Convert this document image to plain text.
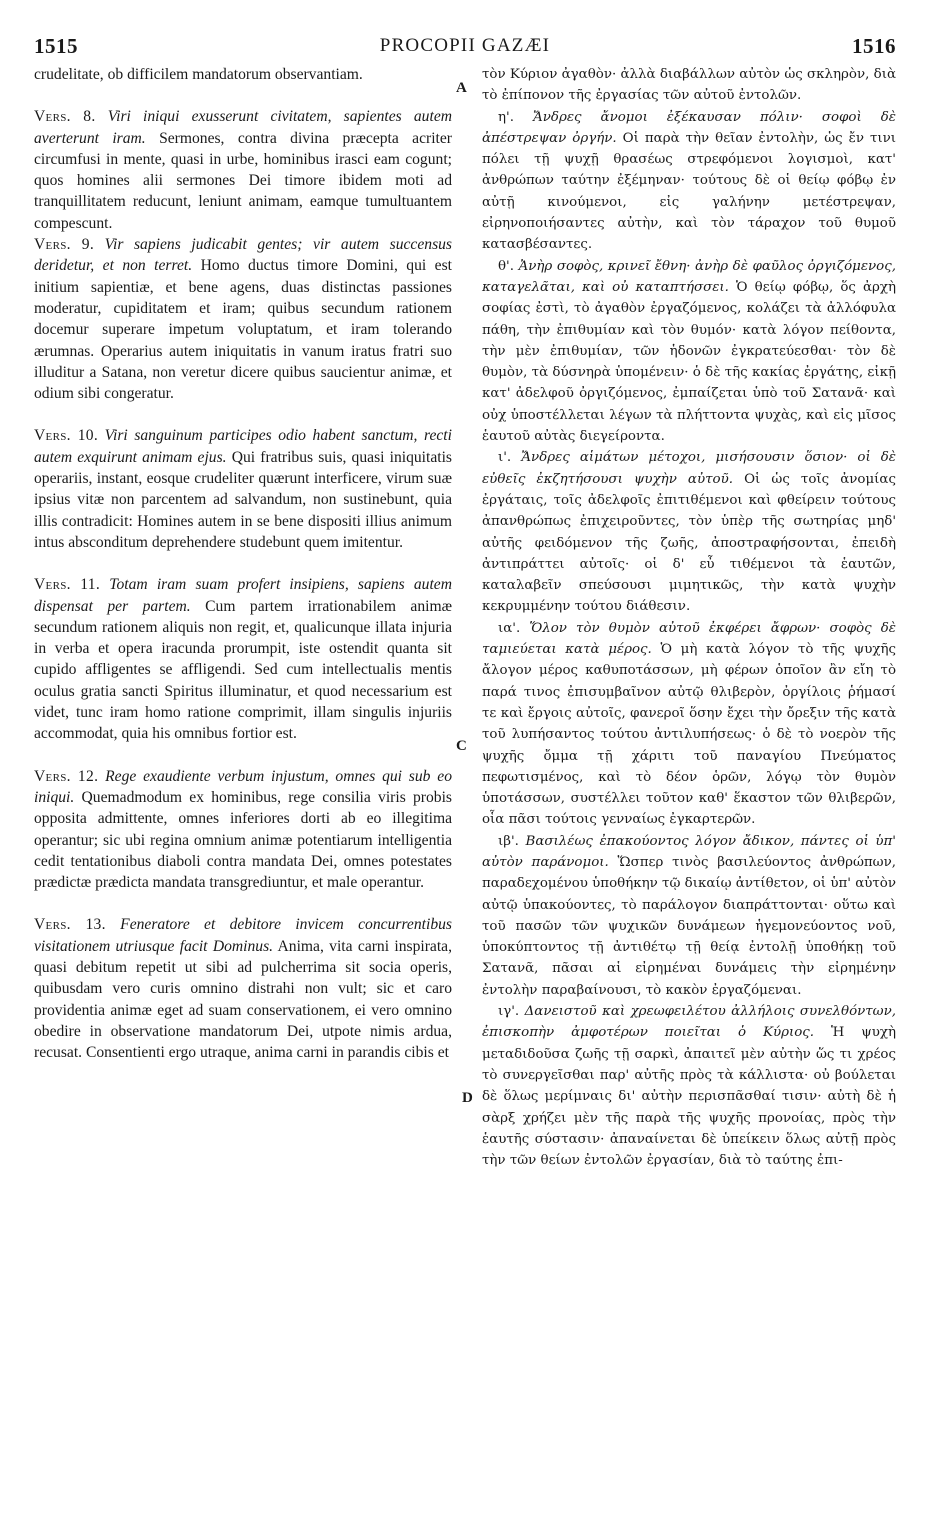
1515	PROCOPII GAZÆI	1516
A
C
D

crudelitate, ob difficilem mandatorum observantiam.

Vers. 8. Viri iniqui exusserunt civitatem, sapientes autem averterunt iram. Sermones, contra divina præcepta acriter circumfusi in mente, quasi in urbe, hominibus irasci eam cogunt; quos homines alii sermones Dei timore ibidem moti ad tranquillitatem reducunt, leniunt animam, eamque tumultuantem compescunt.

Vers. 9. Vir sapiens judicabit gentes; vir autem succensus deridetur, et non terret. Homo ductus timore Domini, qui est initium sapientiæ, et bene agens, duas distinctas passiones moderatur, cupiditatem et iram; quibus secundum rationem docemur superare impetum voluptatum, et iram tolerando ærumnas. Operarius autem iniquitatis in vanum iratus fratri suo illuditur a Satana, non veretur dicere quibus saucientur animæ, et odium sibi congeratur.

Vers. 10. Viri sanguinum participes odio habent sanctum, recti autem exquirunt animam ejus. Qui fratribus suis, quasi iniquitatis operariis, instant, eosque crudeliter quærunt interficere, virum suæ ipsius vitæ non parcentem ad salvandum, non sustinebunt, quia illis contradicit: Homines autem in se bene dispositi illius animum intus absconditum deprehendere studebunt quem imitentur.

Vers. 11. Totam iram suam profert insipiens, sapiens autem dispensat per partem. Cum partem irrationabilem animæ secundum rationem aliquis non regit, et, qualicunque illata injuria in verba et opera iracunda prorumpit, iste ostendit quanta sit cupido affligentes se affligendi. Sed cum intellectualis mentis oculus gratia sancti Spiritus illuminatur, et quod necessarium est videt, tunc iram homo ratione comprimit, illam singulis injuriis accommodat, quia his omnibus fortior est.

Vers. 12. Rege exaudiente verbum injustum, omnes qui sub eo iniqui. Quemadmodum ex hominibus, rege consilia viris probis opposita admittente, omnes inferiores dorti ab eo illegitima operantur; sic ubi regina omnium animæ potentiarum intelligentia cedit tentationibus diaboli contra mandata Dei, omnes potestates prædictæ prædicta mandata transgrediuntur, et male operantur.

Vers. 13. Feneratore et debitore invicem concurrentibus visitationem utriusque facit Dominus. Anima, vita carni inspirata, quasi debitum repetit ut sibi ad pulcherrima sit socia operis, quibusdam vero curis omnino distrahi non vult; sic et caro providentia animæ eget ad suam conservationem, ei vero omnino obedire in observatione mandatorum Dei, utpote nimis ardua, recusat. Consentienti ergo utraque, anima carni in parandis cibis et

τὸν Κύριον ἀγαθὸν· ἀλλὰ διαβάλλων αὐτὸν ὡς σκληρὸν, διὰ τὸ ἐπίπονον τῆς ἐργασίας τῶν αὐτοῦ ἐντολῶν.

η'. Ἄνδρες ἄνομοι ἐξέκαυσαν πόλιν· σοφοὶ δὲ ἀπέστρεψαν ὀργήν. Οἱ παρὰ τὴν θεῖαν ἐντολὴν, ὡς ἔν τινι πόλει τῇ ψυχῇ θρασέως στρεφόμενοι λογισμοὶ, κατ' ἀνθρώπων ταύτην ἐξέμηναν· τούτους δὲ οἱ θείῳ φόβῳ ἐν αὐτῇ κινούμενοι, εἰς γαλήνην μετέστρεψαν, εἰρηνοποιήσαντες αὐτὴν, καὶ τὸν τάραχον τοῦ θυμοῦ κατασβέσαντες.

θ'. Ἀνὴρ σοφὸς, κρινεῖ ἔθνη· ἀνὴρ δὲ φαῦλος ὀργιζόμενος, καταγελᾶται, καὶ οὐ καταπτήσσει. Ὁ θείῳ φόβῳ, ὅς ἀρχὴ σοφίας ἐστὶ, τὸ ἀγαθὸν ἐργαζόμενος, κολάζει τὰ ἀλλόφυλα πάθη, τὴν ἐπιθυμίαν καὶ τὸν θυμόν· κατὰ λόγον πείθοντα, τὴν μὲν ἐπιθυμίαν, τῶν ἡδονῶν ἐγκρατεύεσθαι· τὸν δὲ θυμὸν, τὰ δύσνηρὰ ὑπομένειν· ὁ δὲ τῆς κακίας ἐργάτης, εἰκῇ κατ' ἀδελφοῦ ὀργιζόμενος, ἐμπαίζεται ὑπὸ τοῦ Σατανᾶ· καὶ οὐχ ὑποστέλλεται λέγων τὰ πλήττοντα ψυχὰς, καὶ εἰς μῖσος ἑαυτοῦ αὐτὰς διεγείροντα.

ι'. Ἄνδρες αἱμάτων μέτοχοι, μισήσουσιν ὅσιον· οἱ δὲ εὐθεῖς ἐκζητήσουσι ψυχὴν αὐτοῦ. Οἱ ὡς τοῖς ἀνομίας ἐργάταις, τοῖς ἀδελφοῖς ἐπιτιθέμενοι καὶ φθείρειν τούτους ἀπανθρώπως ἐπιχειροῦντες, τὸν ὑπὲρ τῆς σωτηρίας μηδ' αὐτῆς φειδόμενον τῆς ζωῆς, ἀποστραφήσονται, ἐπειδὴ ἀντιπράττει αὐτοῖς· οἱ δ' εὖ τιθέμενοι τὰ ἑαυτῶν, καταλαβεῖν σπεύσουσι μιμητικῶς, τὴν κατὰ ψυχὴν κεκρυμμένην τούτου διάθεσιν.

ια'. Ὅλον τὸν θυμὸν αὐτοῦ ἐκφέρει ἄφρων· σοφὸς δὲ ταμιεύεται κατὰ μέρος. Ὁ μὴ κατὰ λόγον τὸ τῆς ψυχῆς ἄλογον μέρος καθυποτάσσων, μὴ φέρων ὁποῖον ἂν εἴη τὸ παρά τινος ἐπισυμβαῖνον αὐτῷ θλιβερὸν, ὀργίλοις ῥήμασί τε καὶ ἔργοις αὐτοῖς, φανεροῖ ὅσην ἔχει τὴν ὄρεξιν τῆς κατὰ τοῦ λυπήσαντος τούτου ἀντιλυπήσεως· ὁ δὲ τὸ νοερὸν τῆς ψυχῆς ὄμμα τῇ χάριτι τοῦ παναγίου Πνεύματος πεφωτισμένος, καὶ τὸ δέον ὁρῶν, λόγῳ τὸν θυμὸν ὑποτάσσων, συστέλλει τοῦτον καθ' ἕκαστον τῶν θλιβερῶν, οἷα πᾶσι τούτοις γενναίως ἐγκαρτερῶν.

ιβ'. Βασιλέως ἐπακούοντος λόγον ἄδικον, πάντες οἱ ὑπ' αὐτὸν παράνομοι. Ὥσπερ τινὸς βασιλεύοντος ἀνθρώπων, παραδεχομένου ὑποθήκην τῷ δικαίῳ ἀντίθετον, οἱ ὑπ' αὐτὸν αὐτῷ ὑπακούοντες, τὸ παράλογον διαπράττονται· οὕτω καὶ τοῦ πασῶν τῶν ψυχικῶν δυνάμεων ἡγεμονεύοντος νοῦ, ὑποκύπτοντος τῇ ἀντιθέτῳ τῇ θείᾳ ἐντολῇ ὑποθήκῃ τοῦ Σατανᾶ, πᾶσαι αἱ εἰρημέναι δυνάμεις τὴν εἰρημένην ἐντολὴν παραβαίνουσι, τὸ κακὸν ἐργαζόμεναι.

ιγ'. Δανειστοῦ καὶ χρεωφειλέτου ἀλλήλοις συνελθόντων, ἐπισκοπὴν ἀμφοτέρων ποιεῖται ὁ Κύριος. Ἡ ψυχὴ μεταδιδοῦσα ζωῆς τῇ σαρκὶ, ἀπαιτεῖ μὲν αὐτὴν ὥς τι χρέος τὸ συνεργεῖσθαι παρ' αὐτῆς πρὸς τὰ κάλλιστα· οὐ βούλεται δὲ ὅλως μερίμναις δι' αὐτὴν περισπᾶσθαί τισιν· αὐτὴ δὲ ἡ σὰρξ χρήζει μὲν τῆς παρὰ τῆς ψυχῆς προνοίας, πρὸς τὴν ἑαυτῆς σύστασιν· ἀπαναίνεται δὲ ὑπείκειν ὅλως αὐτῇ πρὸς τὴν τῶν θείων ἐντολῶν ἐργασίαν, διὰ τὸ ταύτης ἐπι-
